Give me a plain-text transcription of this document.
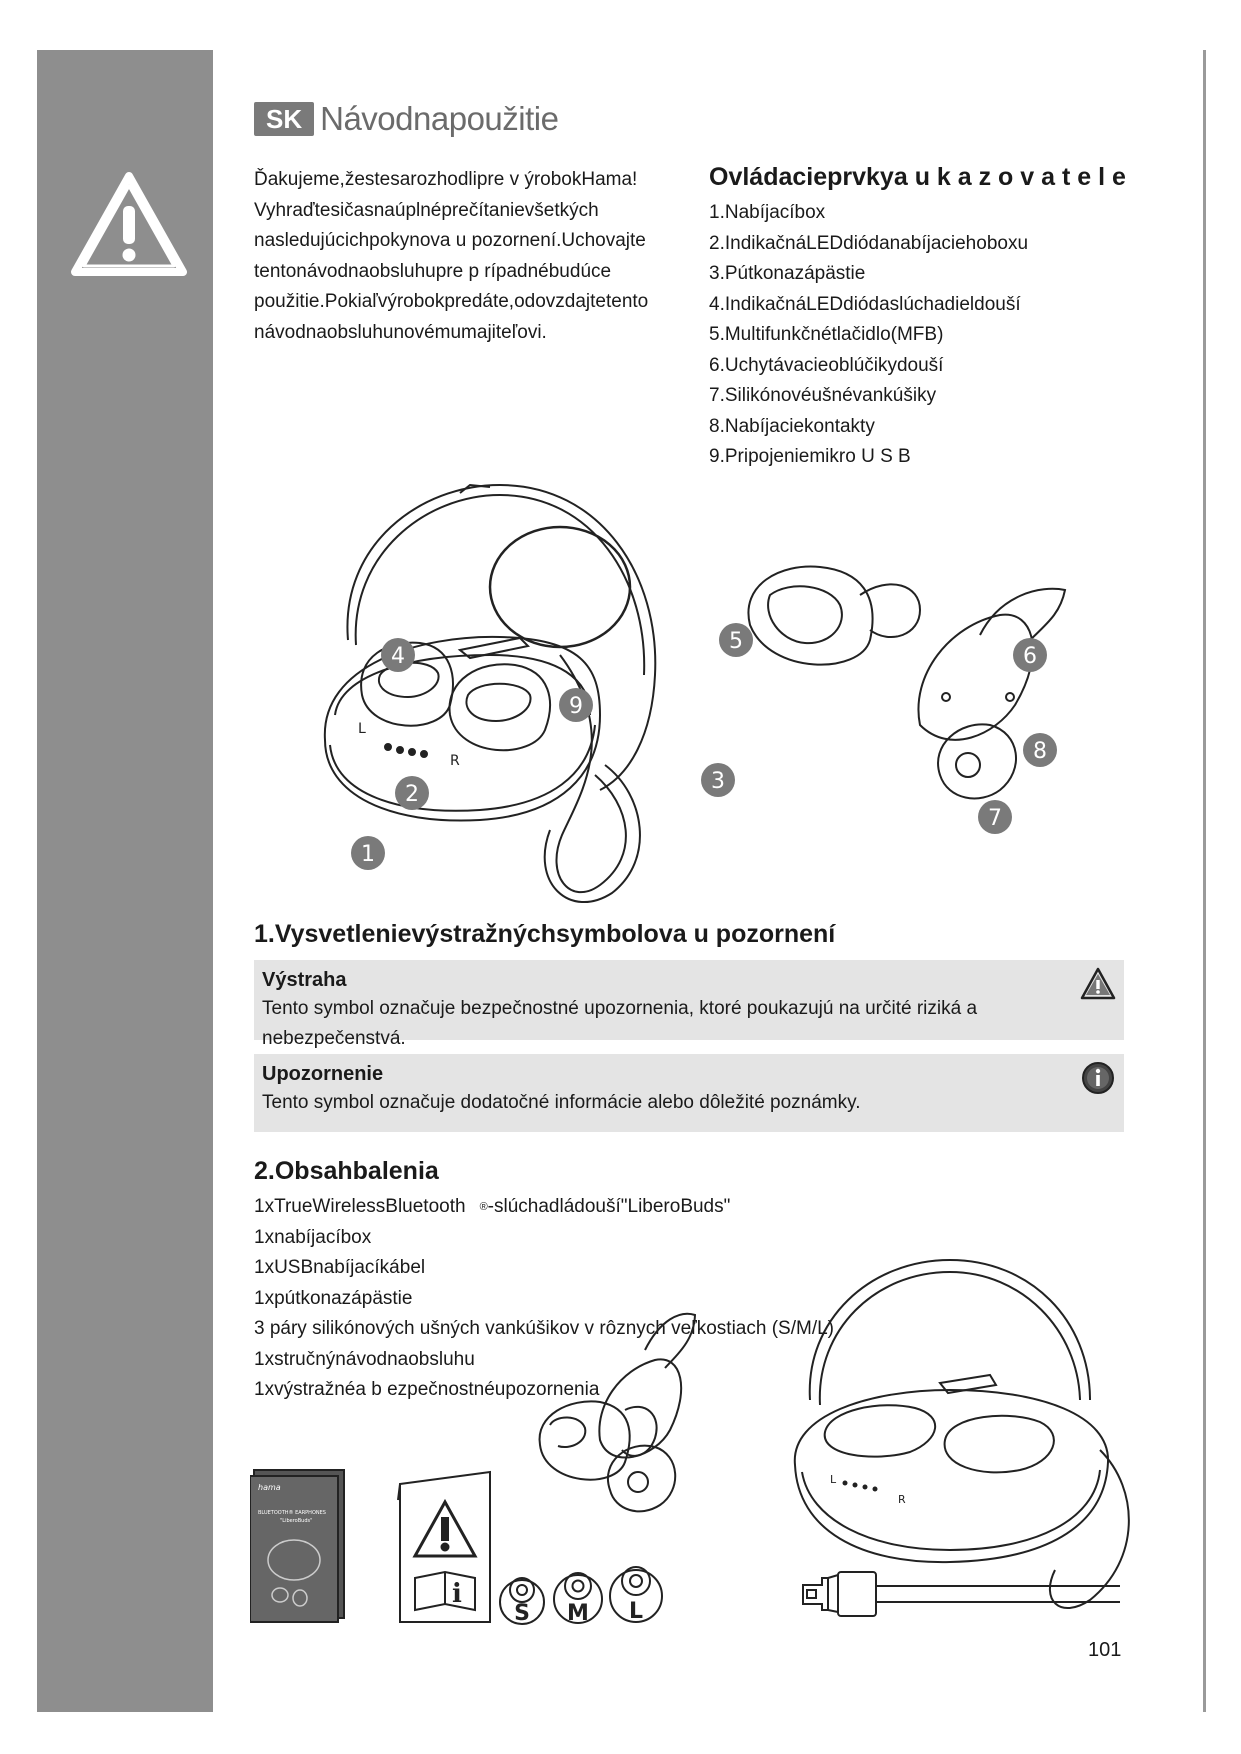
SK Návodnapoužitie

Ďakujeme,žestesarozhodlipre v ýrobokHama!

Vyhraďtesičasnaúplnéprečítanievšetkých

nasledujúcichpokynova u pozornení.Uchovajte

tentonávodnaobsluhupre p rípadnébudúce

použitie.Pokiaľvýrobokpredáte,odovzdajtetento

návodnaobsluhunovémumajiteľovi.

Ovládacieprvkya u k a z o v a t e l e
1.Nabíjacíbox
2.IndikačnáLEDdiódanabíjaciehoboxu
3.Pútkonazápästie
4.IndikačnáLEDdiódaslúchadieldouší
5.Multifunkčnétlačidlo(MFB)
6.Uchytávacieoblúčikydouší
7.Silikónovéušnévankúšiky
8.Nabíjaciekontakty
9.Pripojeniemikro U S B
L
R
1
2
3
4
5
6
7
8
9
1.Vysvetlenievýstražnýchsymbolova u pozornení
Výstraha
Tento symbol označuje bezpečnostné upozornenia, ktoré poukazujú na určité riziká a nebezpečenstvá.
Upozornenie
Tento symbol označuje dodatočné informácie alebo dôležité poznámky.
2.Obsahbalenia

1xTrueWirelessBluetooth ®-slúchadládouší"LiberoBuds"

1xnabíjacíbox

1xUSBnabíjacíkábel

1xpútkonazápästie

3 páry silikónových ušných vankúšikov v rôznych veľkostiach (S/M/L)

1xstručnýnávodnaobsluhu

1xvýstražnéa b ezpečnostnéupozornenia

hama
BLUETOOTH® EARPHONES
"LiberoBuds"
i
S M L
L
R
101
